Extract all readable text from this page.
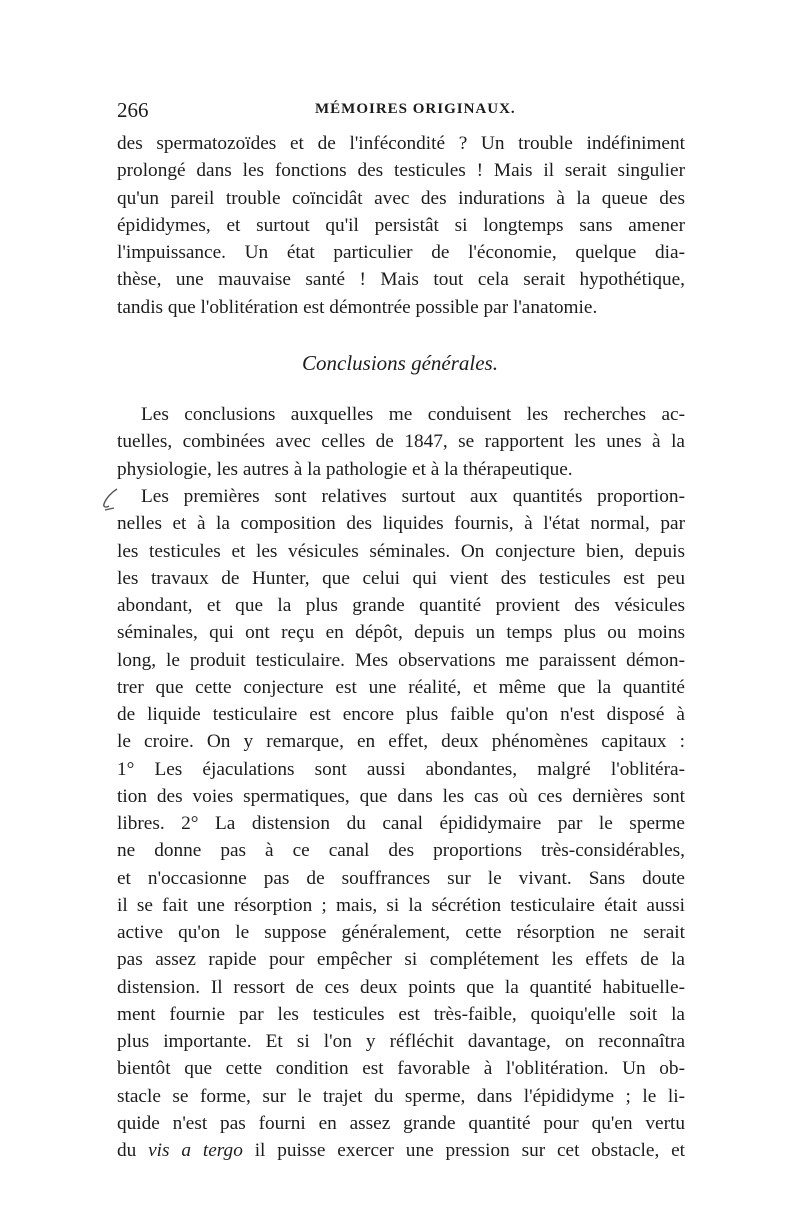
266	MÉMOIRES ORIGINAUX.
des spermatozoïdes et de l'infécondité ? Un trouble indéfiniment
prolongé dans les fonctions des testicules ! Mais il serait singulier
qu'un pareil trouble coïncidât avec des indurations à la queue des
épididymes, et surtout qu'il persistât si longtemps sans amener
l'impuissance. Un état particulier de l'économie, quelque dia-
thèse, une mauvaise santé ! Mais tout cela serait hypothétique,
tandis que l'oblitération est démontrée possible par l'anatomie.
Conclusions générales.
Les conclusions auxquelles me conduisent les recherches ac-
tuelles, combinées avec celles de 1847, se rapportent les unes à la
physiologie, les autres à la pathologie et à la thérapeutique.
Les premières sont relatives surtout aux quantités proportion-
nelles et à la composition des liquides fournis, à l'état normal, par
les testicules et les vésicules séminales. On conjecture bien, depuis
les travaux de Hunter, que celui qui vient des testicules est peu
abondant, et que la plus grande quantité provient des vésicules
séminales, qui ont reçu en dépôt, depuis un temps plus ou moins
long, le produit testiculaire. Mes observations me paraissent démon-
trer que cette conjecture est une réalité, et même que la quantité
de liquide testiculaire est encore plus faible qu'on n'est disposé à
le croire. On y remarque, en effet, deux phénomènes capitaux :
1° Les éjaculations sont aussi abondantes, malgré l'oblitéra-
tion des voies spermatiques, que dans les cas où ces dernières sont
libres. 2° La distension du canal épididymaire par le sperme
ne donne pas à ce canal des proportions très-considérables,
et n'occasionne pas de souffrances sur le vivant. Sans doute
il se fait une résorption ; mais, si la sécrétion testiculaire était aussi
active qu'on le suppose généralement, cette résorption ne serait
pas assez rapide pour empêcher si complétement les effets de la
distension. Il ressort de ces deux points que la quantité habituelle-
ment fournie par les testicules est très-faible, quoiqu'elle soit la
plus importante. Et si l'on y réfléchit davantage, on reconnaîtra
bientôt que cette condition est favorable à l'oblitération. Un ob-
stacle se forme, sur le trajet du sperme, dans l'épididyme ; le li-
quide n'est pas fourni en assez grande quantité pour qu'en vertu
du vis a tergo il puisse exercer une pression sur cet obstacle, et
